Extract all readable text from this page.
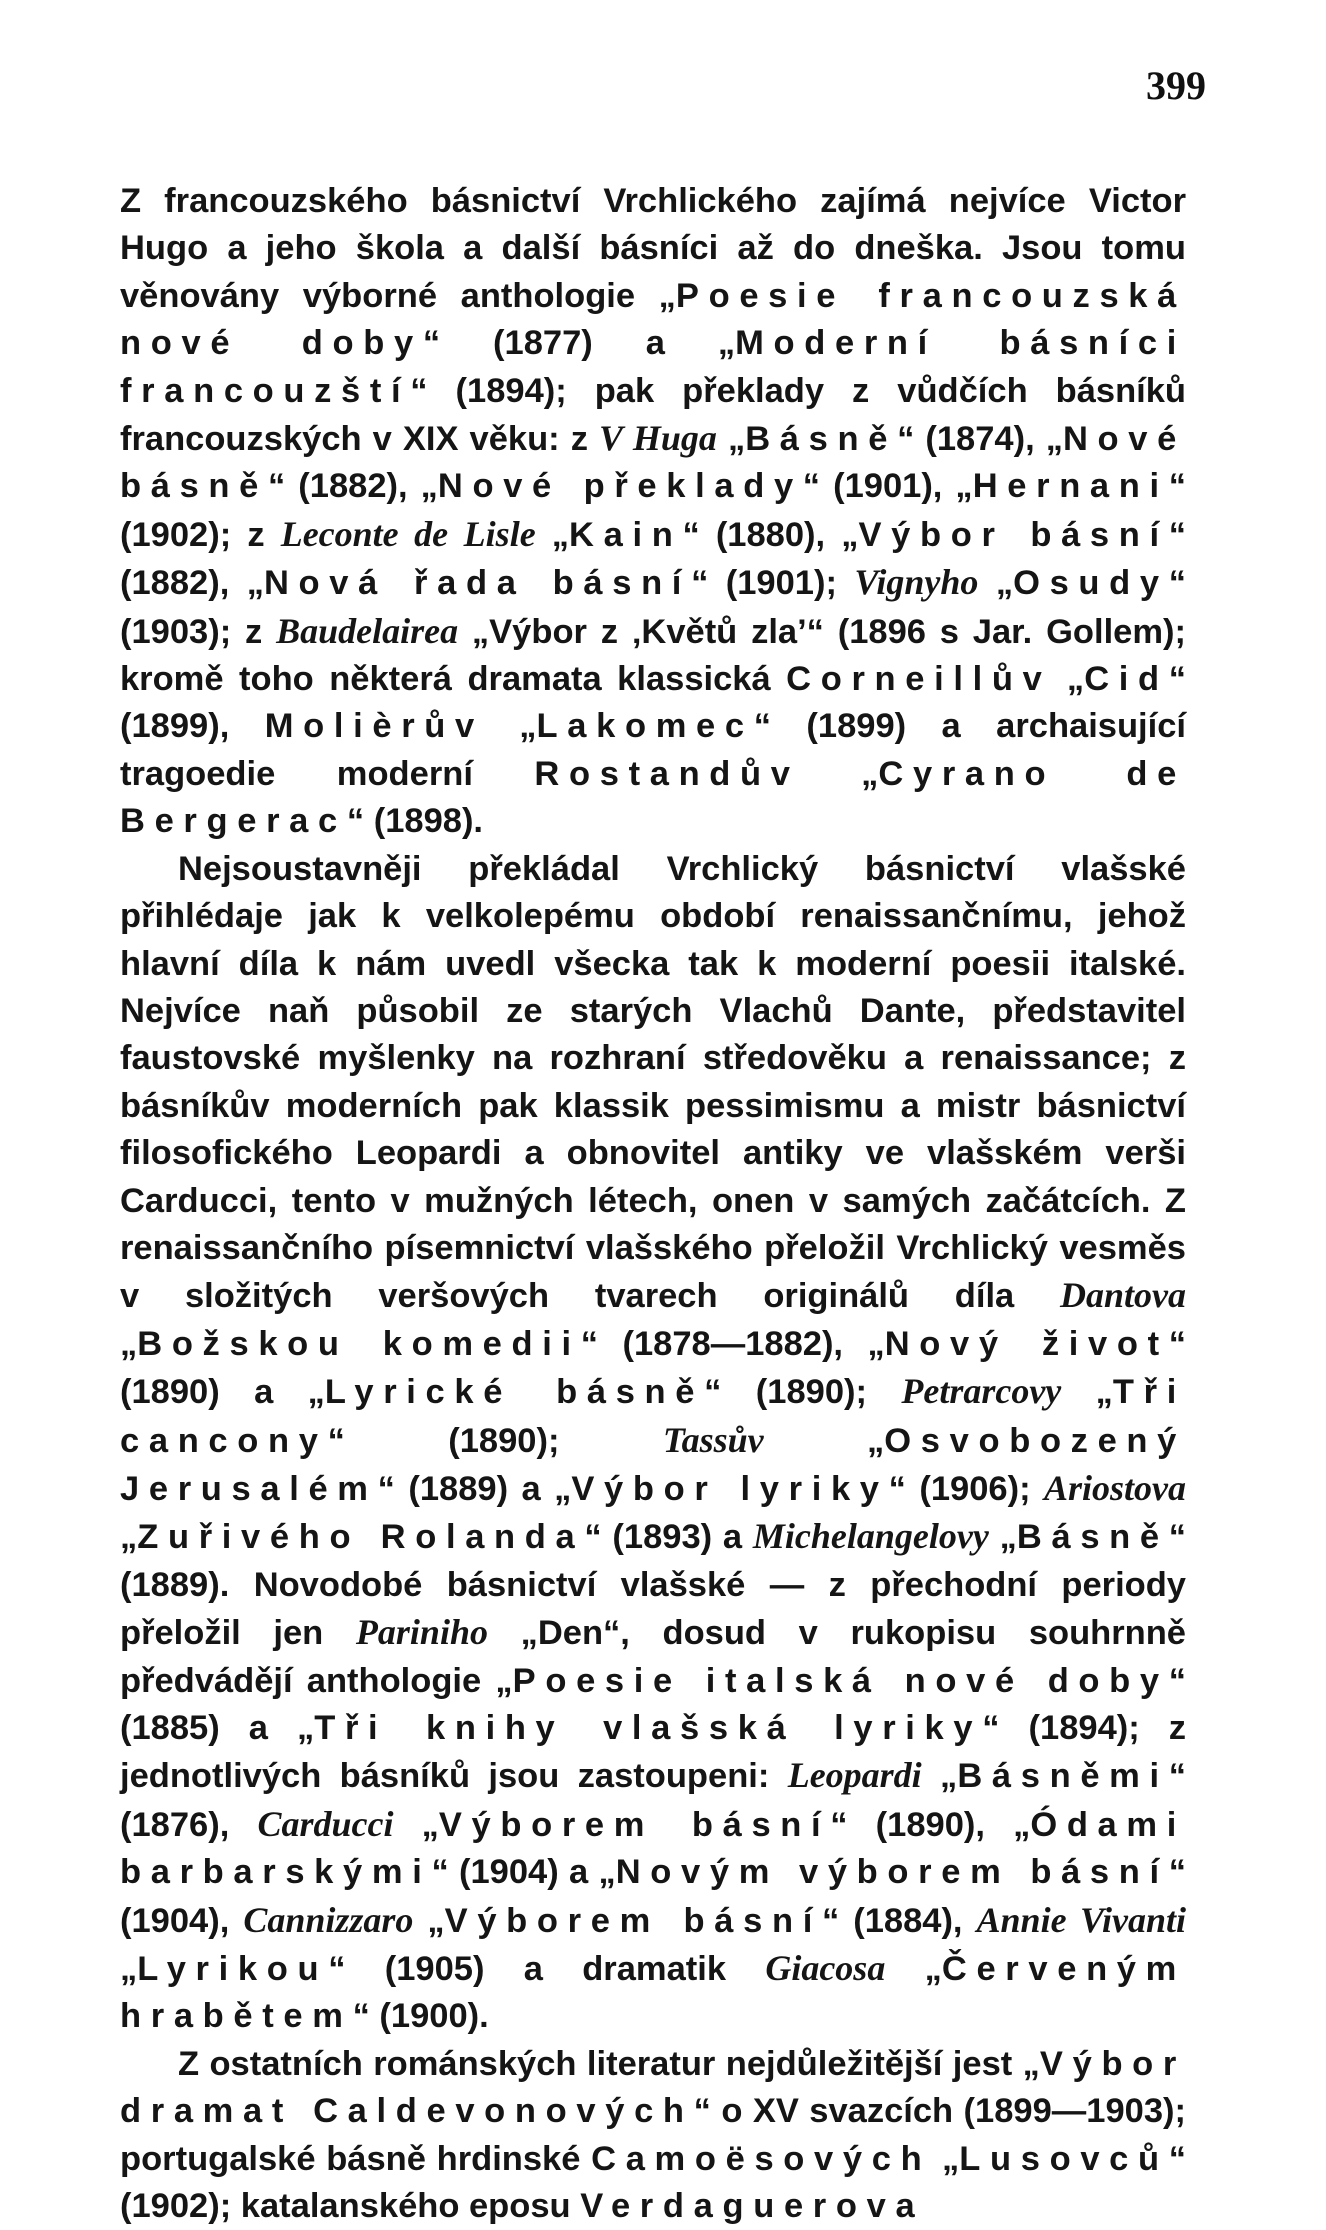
399

Z francouzského básnictví Vrchlického zajímá nejvíce Victor Hugo a jeho škola a další básníci až do dneška. Jsou tomu věnovány výborné anthologie „Poesie francouzská nové doby“ (1877) a „Moderní básníci francouzští“ (1894); pak překlady z vůdčích básníků francouzských v XIX věku: z V Huga „Básně“ (1874), „Nové básně“ (1882), „Nové překlady“ (1901), „Hernani“ (1902); z Leconte de Lisle „Kain“ (1880), „Výbor básní“ (1882), „Nová řada básní“ (1901); Vignyho „Osudy“ (1903); z Baudelairea „Výbor z ‚Květů zla’“ (1896 s Jar. Gollem); kromě toho některá dramata klassická Corneillův „Cid“ (1899), Molièrův „Lakomec“ (1899) a archaisující tragoedie moderní Rostandův „Cyrano de Bergerac“ (1898).

Nejsoustavněji překládal Vrchlický básnictví vlašské přihlédaje jak k velkolepému období renaissančnímu, jehož hlavní díla k nám uvedl všecka tak k moderní poesii italské. Nejvíce naň působil ze starých Vlachů Dante, představitel faustovské myšlenky na rozhraní středověku a renaissance; z básníkův moderních pak klassik pessimismu a mistr básnictví filosofického Leopardi a obnovitel antiky ve vlašském verši Carducci, tento v mužných létech, onen v samých začátcích. Z renaissančního písemnictví vlašského přeložil Vrchlický vesměs v složitých veršových tvarech originálů díla Dantova „Božskou komedii“ (1878—1882), „Nový život“ (1890) a „Lyrické básně“ (1890); Petrarcovy „Tři cancony“ (1890); Tassův „Osvobozený Jerusalém“ (1889) a „Výbor lyriky“ (1906); Ariostova „Zuřivého Rolanda“ (1893) a Michelangelovy „Básně“ (1889). Novodobé básnictví vlašské — z přechodní periody přeložil jen Pariniho „Den“, dosud v rukopisu souhrnně předvádějí anthologie „Poesie italská nové doby“ (1885) a „Tři knihy vlašská lyriky“ (1894); z jednotlivých básníků jsou zastoupeni: Leopardi „Básněmi“ (1876), Carducci „Výborem básní“ (1890), „Ódami barbarskými“ (1904) a „Novým výborem básní“ (1904), Cannizzaro „Výborem básní“ (1884), Annie Vivanti „Lyrikou“ (1905) a dramatik Giacosa „Červeným hrabětem“ (1900).

Z ostatních románských literatur nejdůležitější jest „Výbor dramat Caldevonových“ o XV svazcích (1899—1903); portugalské básně hrdinské Camoësových „Lusovců“ (1902); katalanského eposu Verdaguerova
